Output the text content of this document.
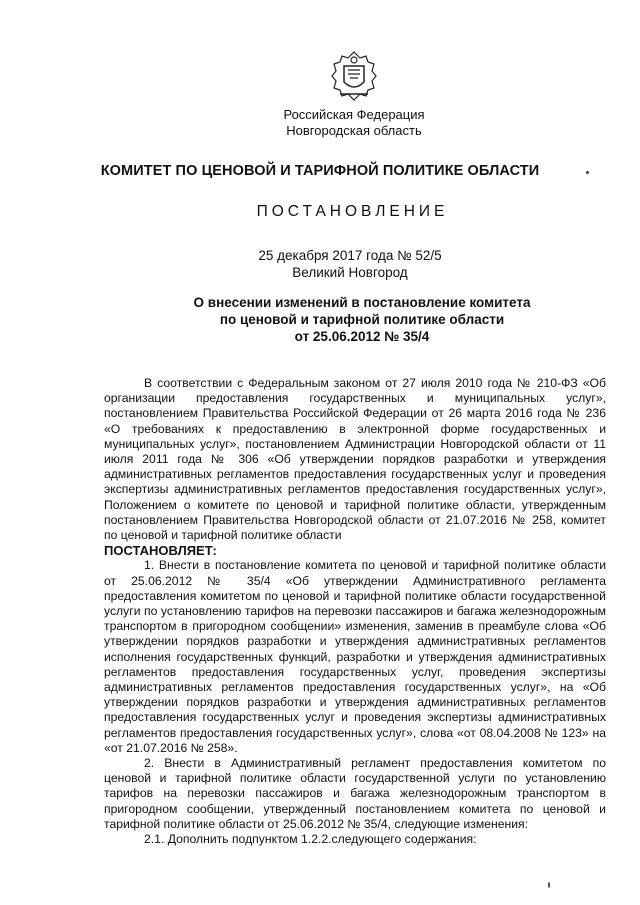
Российская Федерация
Новгородская область
КОМИТЕТ ПО ЦЕНОВОЙ И ТАРИФНОЙ ПОЛИТИКЕ ОБЛАСТИ
ПОСТАНОВЛЕНИЕ
25 декабря 2017 года № 52/5
Великий Новгород
О внесении изменений в постановление комитета
по ценовой и тарифной политике области
от 25.06.2012 № 35/4

В соответствии с Федеральным законом от 27 июля 2010 года № 210-ФЗ «Об организации предоставления государственных и муниципальных услуг», постановлением Правительства Российской Федерации от 26 марта 2016 года № 236 «О требованиях к предоставлению в электронной форме государственных и муниципальных услуг», постановлением Администрации Новгородской области от 11 июля 2011 года № 306 «Об утверждении порядков разработки и утверждения административных регламентов предоставления государственных услуг и проведения экспертизы административных регламентов предоставления государственных услуг», Положением о комитете по ценовой и тарифной политике области, утвержденным постановлением Правительства Новгородской области от 21.07.2016 № 258, комитет по ценовой и тарифной политике области

ПОСТАНОВЛЯЕТ:

1. Внести в постановление комитета по ценовой и тарифной политике области от 25.06.2012 № 35/4 «Об утверждении Административного регламента предоставления комитетом по ценовой и тарифной политике области государственной услуги по установлению тарифов на перевозки пассажиров и багажа железнодорожным транспортом в пригородном сообщении» изменения, заменив в преамбуле слова «Об утверждении порядков разработки и утверждения административных регламентов исполнения государственных функций, разработки и утверждения административных регламентов предоставления государственных услуг, проведения экспертизы административных регламентов предоставления государственных услуг», на «Об утверждении порядков разработки и утверждения административных регламентов предоставления государственных услуг и проведения экспертизы административных регламентов предоставления государственных услуг», слова «от 08.04.2008 № 123» на «от 21.07.2016 № 258».

2. Внести в Административный регламент предоставления комитетом по ценовой и тарифной политике области государственной услуги по установлению тарифов на перевозки пассажиров и багажа железнодорожным транспортом в пригородном сообщении, утвержденный постановлением комитета по ценовой и тарифной политике области от 25.06.2012 № 35/4, следующие изменения:

2.1. Дополнить подпунктом 1.2.2.следующего содержания:
